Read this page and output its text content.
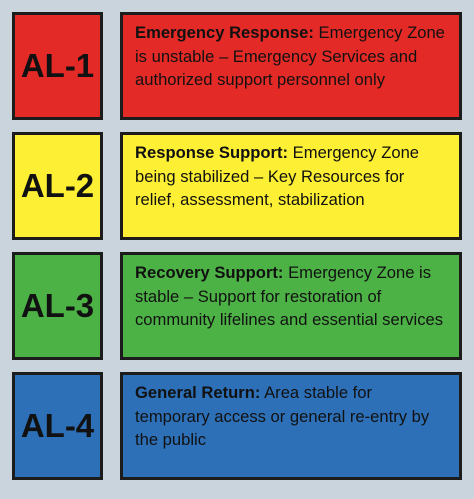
AL-1
Emergency Response: Emergency Zone is unstable – Emergency Services and authorized support personnel only
AL-2
Response Support: Emergency Zone being stabilized – Key Resources for relief, assessment, stabilization
AL-3
Recovery Support: Emergency Zone is stable – Support for restoration of community lifelines and essential services
AL-4
General Return: Area stable for temporary access or general re-entry by the public
